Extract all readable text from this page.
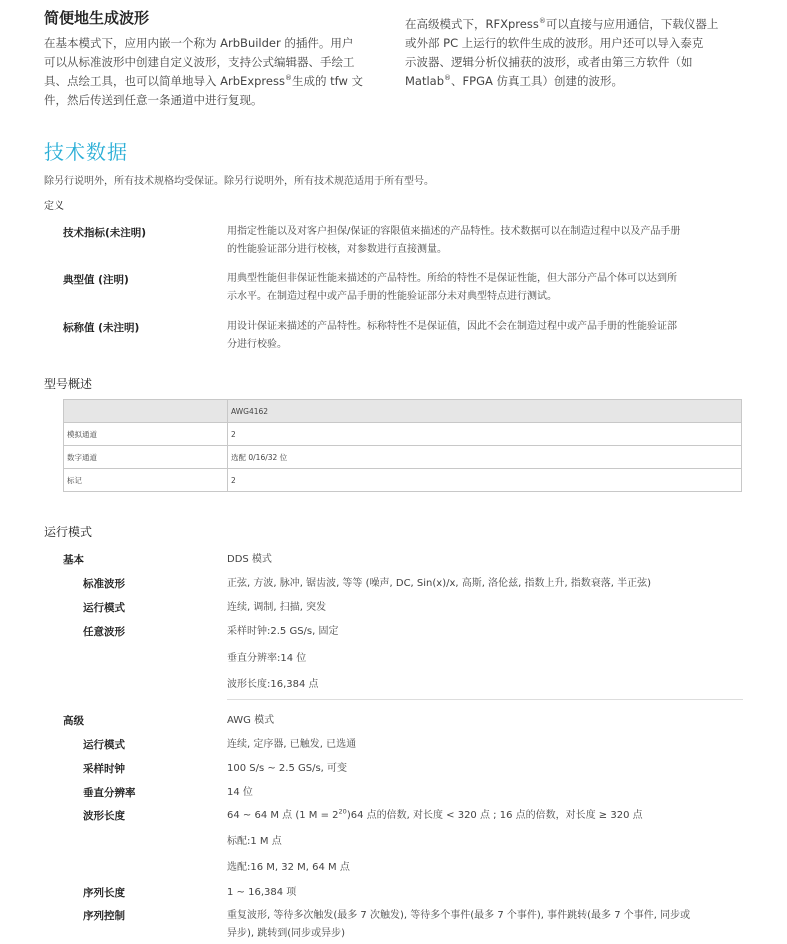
简便地生成波形
在基本模式下，应用内嵌一个称为 ArbBuilder 的插件。用户
可以从标准波形中创建自定义波形，支持公式编辑器、手绘工
具、点绘工具，也可以简单地导入 ArbExpress®生成的 tfw 文
件，然后传送到任意一条通道中进行复现。
在高级模式下，RFXpress®可以直接与应用通信，下载仪器上
或外部 PC 上运行的软件生成的波形。用户还可以导入泰克
示波器、逻辑分析仪捕获的波形，或者由第三方软件（如
Matlab®、FPGA 仿真工具）创建的波形。
技术数据
除另行说明外，所有技术规格均受保证。除另行说明外，所有技术规范适用于所有型号。
定义
技术指标(未注明)	用指定性能以及对客户担保/保证的容限值来描述的产品特性。技术数据可以在制造过程中以及产品手册
的性能验证部分进行校核，对参数进行直接测量。
典型值 (注明)	用典型性能但非保证性能来描述的产品特性。所给的特性不是保证性能，但大部分产品个体可以达到所
示水平。在制造过程中或产品手册的性能验证部分未对典型特点进行测试。
标称值 (未注明)	用设计保证来描述的产品特性。标称特性不是保证值，因此不会在制造过程中或产品手册的性能验证部
分进行校验。
型号概述
	AWG4162
模拟通道	2
数字通道	选配 0/16/32 位
标记	2
运行模式
基本	DDS 模式
标准波形	正弦, 方波, 脉冲, 锯齿波, 等等 (噪声, DC, Sin(x)/x, 高斯, 洛伦兹, 指数上升, 指数衰落, 半正弦)
运行模式	连续, 调制, 扫描, 突发
任意波形	采样时钟:2.5 GS/s, 固定
垂直分辨率:14 位
波形长度:16,384 点
高级	AWG 模式
运行模式	连续, 定序器, 已触发, 已选通
采样时钟	100 S/s ~ 2.5 GS/s, 可变
垂直分辨率	14 位
波形长度	64 ~ 64 M 点 (1 $M = 2^{20})64$ 点的倍数, 对长度 < 320 点 ; 16 点的倍数，对长度 ≥ 320 点
标配:1 M 点
选配:16 M, 32 M, 64 M 点
序列长度	1 ~ 16,384 项
序列控制	重复波形, 等待多次触发(最多 7 次触发), 等待多个事件(最多 7 个事件), 事件跳转(最多 7 个事件, 同步或
异步), 跳转到(同步或异步)
